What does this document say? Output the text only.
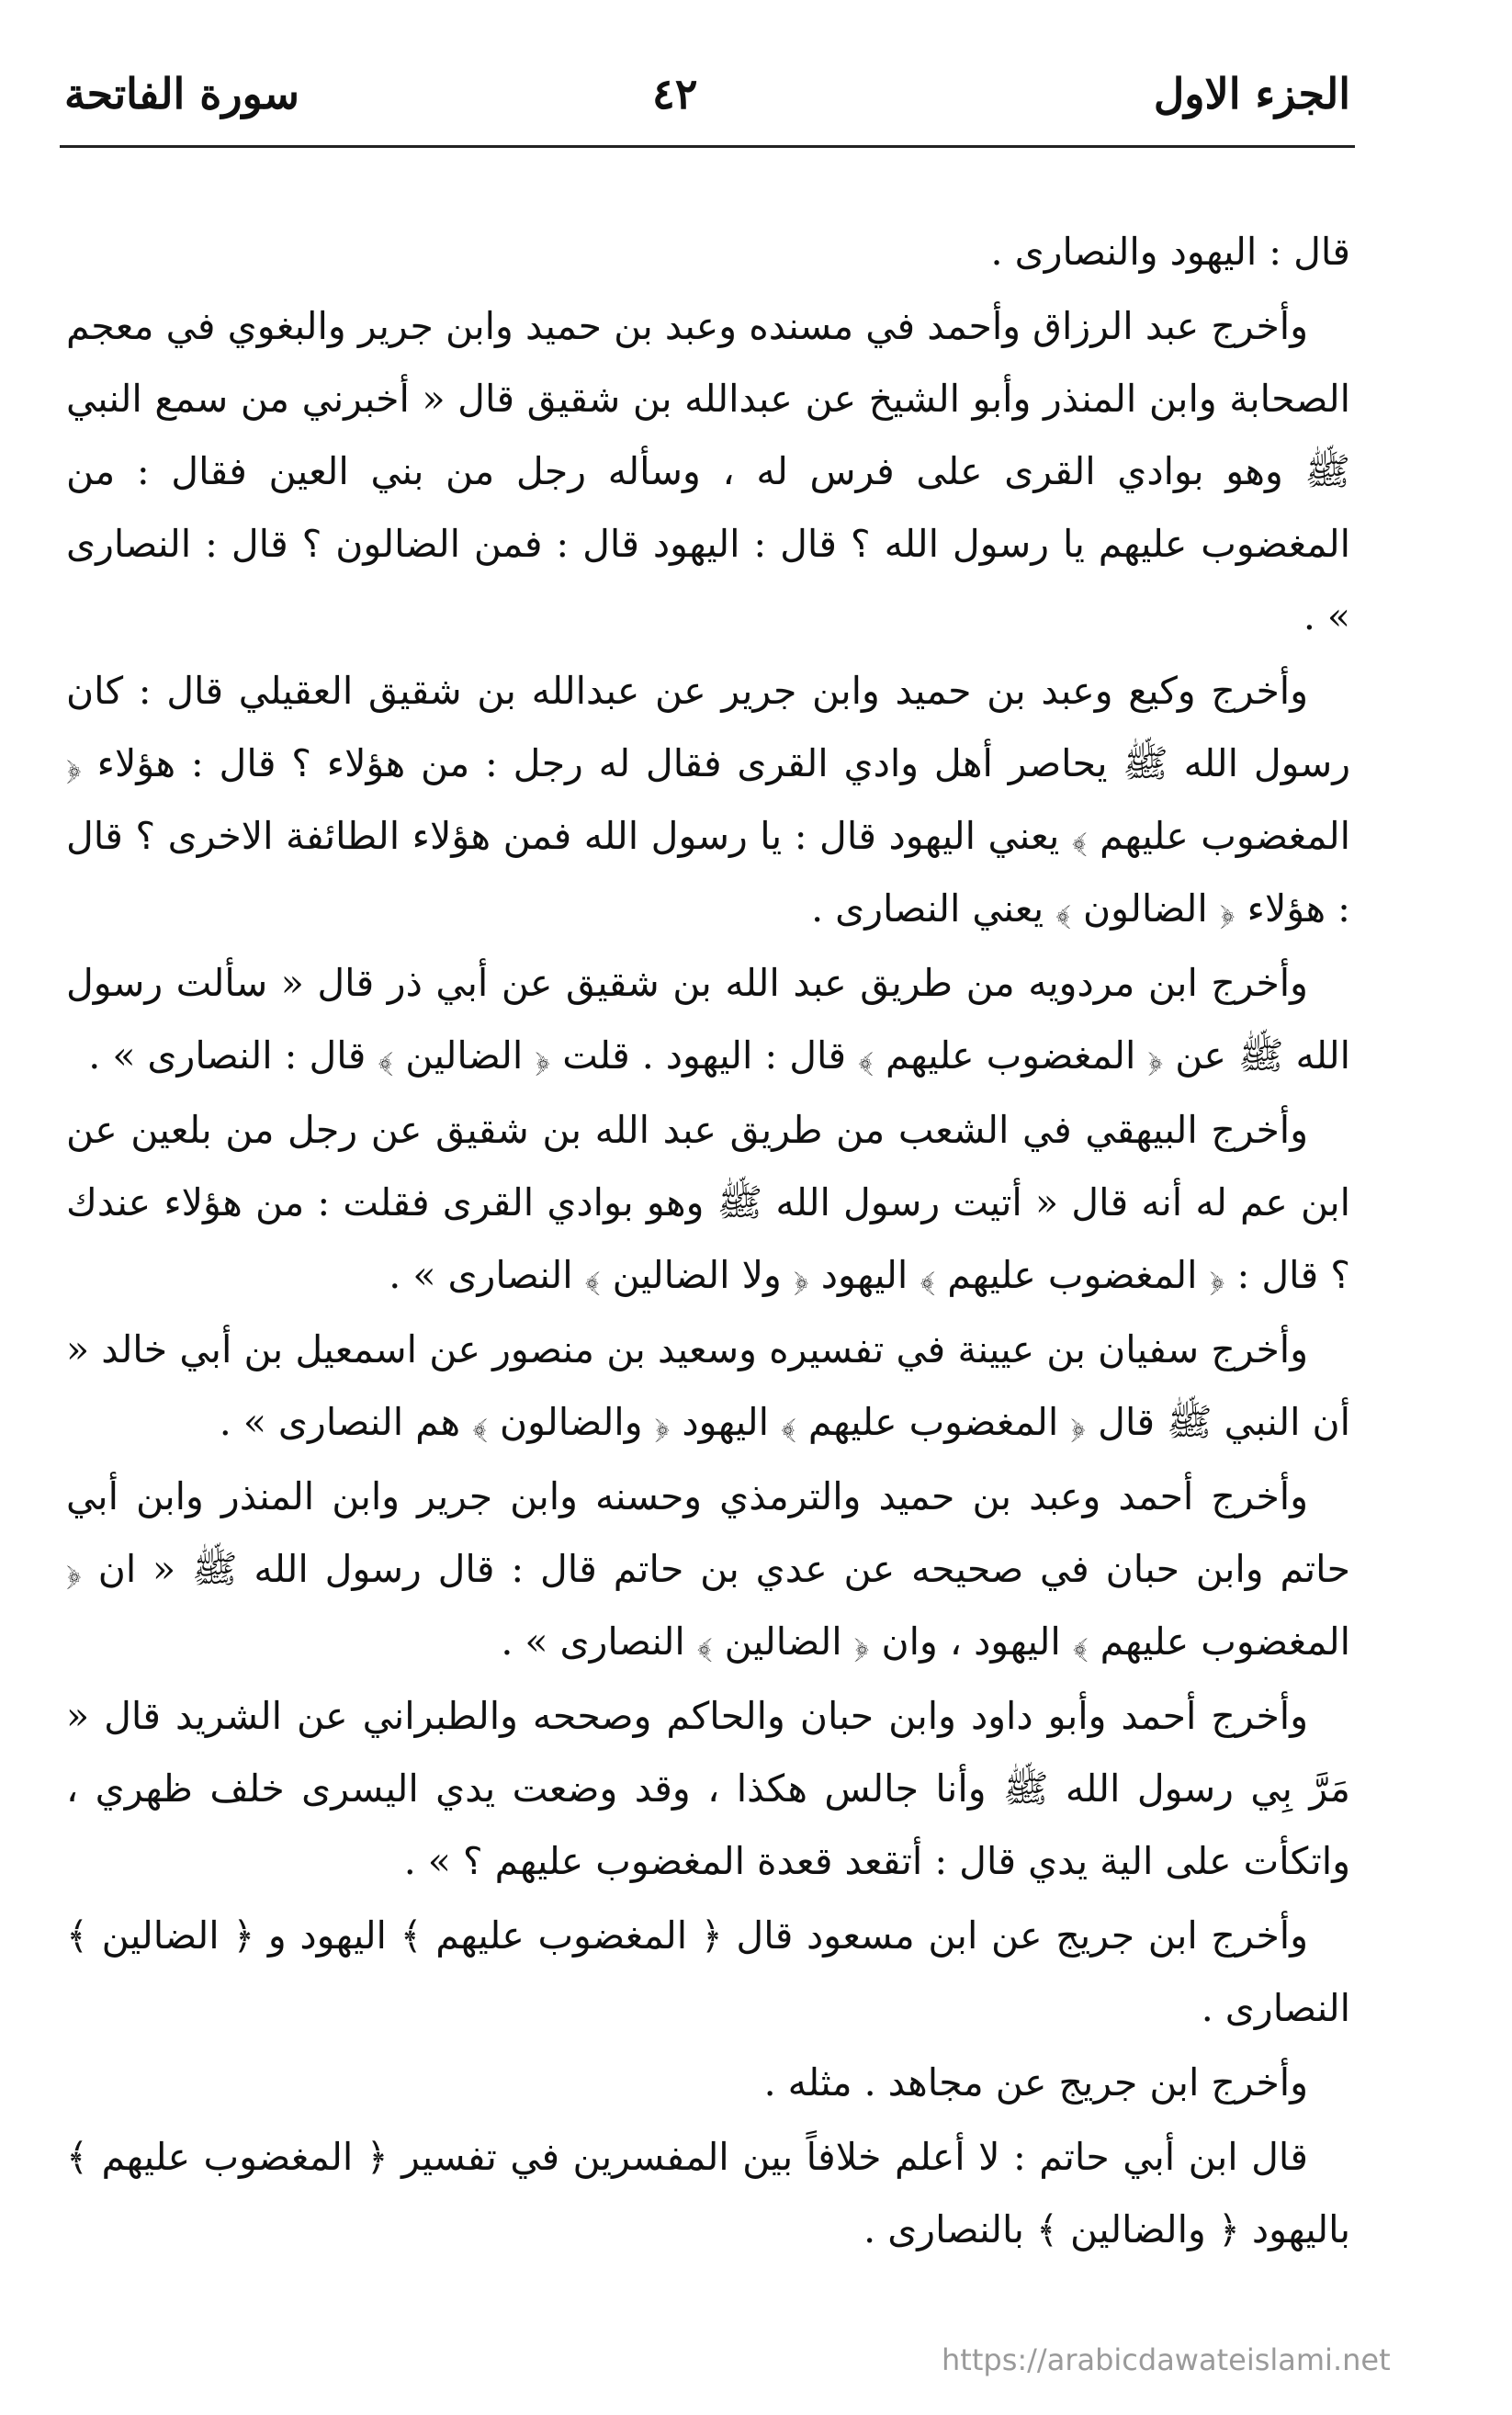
الجزء الاول
٤٢
سورة الفاتحة

قال : اليهود والنصارى .

وأخرج عبد الرزاق وأحمد في مسنده وعبد بن حميد وابن جرير والبغوي في معجم الصحابة وابن المنذر وأبو الشيخ عن عبدالله بن شقيق قال « أخبرني من سمع النبي ﷺ وهو بوادي القرى على فرس له ، وسأله رجل من بني العين فقال : من المغضوب عليهم يا رسول الله ؟ قال : اليهود قال : فمن الضالون ؟ قال : النصارى » .

وأخرج وكيع وعبد بن حميد وابن جرير عن عبدالله بن شقيق العقيلي قال : كان رسول الله ﷺ يحاصر أهل وادي القرى فقال له رجل : من هؤلاء ؟ قال : هؤلاء ﴿ المغضوب عليهم ﴾ يعني اليهود قال : يا رسول الله فمن هؤلاء الطائفة الاخرى ؟ قال : هؤلاء ﴿ الضالون ﴾ يعني النصارى .

وأخرج ابن مردويه من طريق عبد الله بن شقيق عن أبي ذر قال « سألت رسول الله ﷺ عن ﴿ المغضوب عليهم ﴾ قال : اليهود . قلت ﴿ الضالين ﴾ قال : النصارى » .

وأخرج البيهقي في الشعب من طريق عبد الله بن شقيق عن رجل من بلعين عن ابن عم له أنه قال « أتيت رسول الله ﷺ وهو بوادي القرى فقلت : من هؤلاء عندك ؟ قال : ﴿ المغضوب عليهم ﴾ اليهود ﴿ ولا الضالين ﴾ النصارى » .

وأخرج سفيان بن عيينة في تفسيره وسعيد بن منصور عن اسمعيل بن أبي خالد « أن النبي ﷺ قال ﴿ المغضوب عليهم ﴾ اليهود ﴿ والضالون ﴾ هم النصارى » .

وأخرج أحمد وعبد بن حميد والترمذي وحسنه وابن جرير وابن المنذر وابن أبي حاتم وابن حبان في صحيحه عن عدي بن حاتم قال : قال رسول الله ﷺ « ان ﴿ المغضوب عليهم ﴾ اليهود ، وان ﴿ الضالين ﴾ النصارى » .

وأخرج أحمد وأبو داود وابن حبان والحاكم وصححه والطبراني عن الشريد قال « مَرَّ بِي رسول الله ﷺ وأنا جالس هكذا ، وقد وضعت يدي اليسرى خلف ظهري ، واتكأت على الية يدي قال : أتقعد قعدة المغضوب عليهم ؟ » .

وأخرج ابن جريج عن ابن مسعود قال ﴿ المغضوب عليهم ﴾ اليهود و ﴿ الضالين ﴾ النصارى .

وأخرج ابن جريج عن مجاهد . مثله .

قال ابن أبي حاتم : لا أعلم خلافاً بين المفسرين في تفسير ﴿ المغضوب عليهم ﴾ باليهود ﴿ والضالين ﴾ بالنصارى .

https://arabicdawateislami.net
